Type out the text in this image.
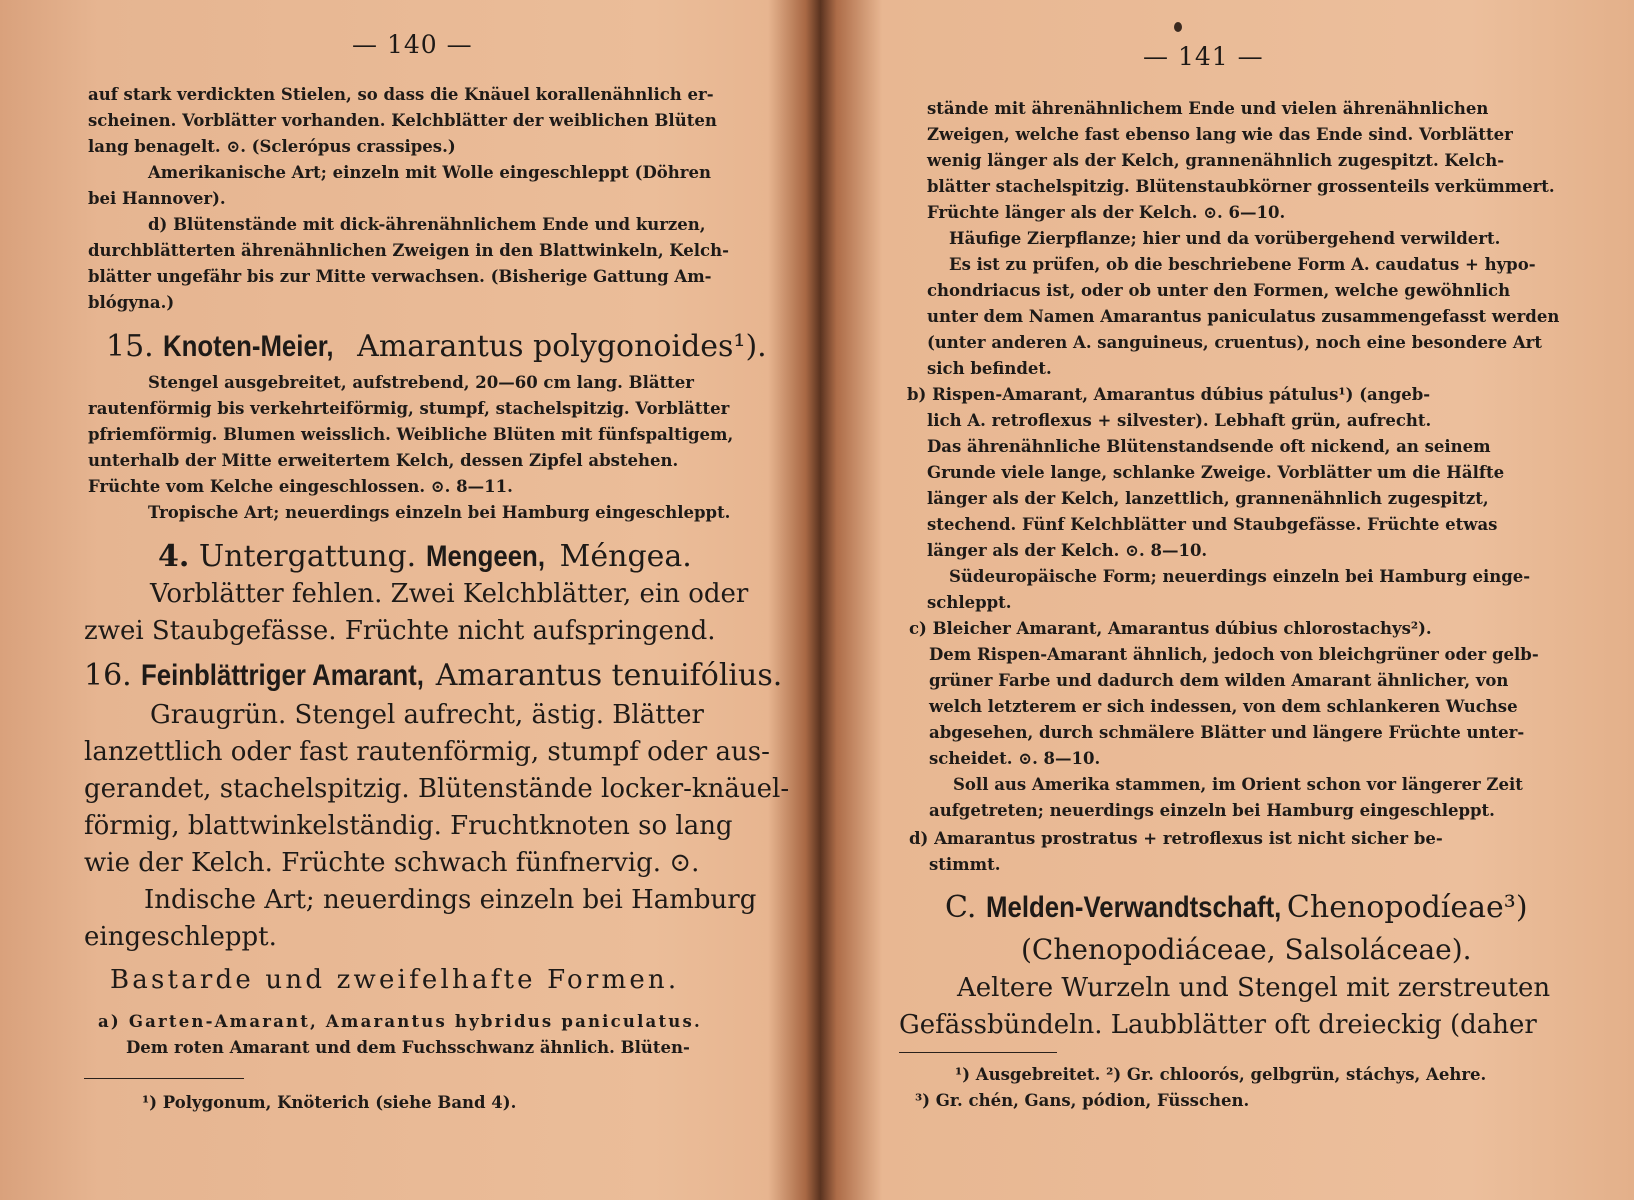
— 140 —
auf stark verdickten Stielen, so dass die Knäuel korallenähnlich er-
scheinen. Vorblätter vorhanden. Kelchblätter der weiblichen Blüten
lang benagelt. ⊙. (Sclerópus crassipes.)
Amerikanische Art; einzeln mit Wolle eingeschleppt (Döhren
bei Hannover).
d) Blütenstände mit dick-ährenähnlichem Ende und kurzen,
durchblätterten ährenähnlichen Zweigen in den Blattwinkeln, Kelch-
blätter ungefähr bis zur Mitte verwachsen. (Bisherige Gattung Am-
blógyna.)
15. Knoten-Meier, Amarantus polygonoides¹).
Stengel ausgebreitet, aufstrebend, 20—60 cm lang. Blätter
rautenförmig bis verkehrteiförmig, stumpf, stachelspitzig. Vorblätter
pfriemförmig. Blumen weisslich. Weibliche Blüten mit fünfspaltigem,
unterhalb der Mitte erweitertem Kelch, dessen Zipfel abstehen.
Früchte vom Kelche eingeschlossen. ⊙. 8—11.
Tropische Art; neuerdings einzeln bei Hamburg eingeschleppt.
4. Untergattung. Mengeen, Méngea.
Vorblätter fehlen. Zwei Kelchblätter, ein oder
zwei Staubgefässe. Früchte nicht aufspringend.
16. Feinblättriger Amarant, Amarantus tenuifólius.
Graugrün. Stengel aufrecht, ästig. Blätter
lanzettlich oder fast rautenförmig, stumpf oder aus-
gerandet, stachelspitzig. Blütenstände locker-knäuel-
förmig, blattwinkelständig. Fruchtknoten so lang
wie der Kelch. Früchte schwach fünfnervig. ⊙.
Indische Art; neuerdings einzeln bei Hamburg
eingeschleppt.
Bastarde und zweifelhafte Formen.
a) Garten-Amarant, Amarantus hybridus paniculatus.
Dem roten Amarant und dem Fuchsschwanz ähnlich. Blüten-
¹) Polygonum, Knöterich (siehe Band 4).
— 141 —
stände mit ährenähnlichem Ende und vielen ährenähnlichen
Zweigen, welche fast ebenso lang wie das Ende sind. Vorblätter
wenig länger als der Kelch, grannenähnlich zugespitzt. Kelch-
blätter stachelspitzig. Blütenstaubkörner grossenteils verkümmert.
Früchte länger als der Kelch. ⊙. 6—10.
Häufige Zierpflanze; hier und da vorübergehend verwildert.
Es ist zu prüfen, ob die beschriebene Form A. caudatus + hypo-
chondriacus ist, oder ob unter den Formen, welche gewöhnlich
unter dem Namen Amarantus paniculatus zusammengefasst werden
(unter anderen A. sanguineus, cruentus), noch eine besondere Art
sich befindet.
b) Rispen-Amarant, Amarantus dúbius pátulus¹) (angeb-
lich A. retroflexus + silvester). Lebhaft grün, aufrecht.
Das ährenähnliche Blütenstandsende oft nickend, an seinem
Grunde viele lange, schlanke Zweige. Vorblätter um die Hälfte
länger als der Kelch, lanzettlich, grannenähnlich zugespitzt,
stechend. Fünf Kelchblätter und Staubgefässe. Früchte etwas
länger als der Kelch. ⊙. 8—10.
Südeuropäische Form; neuerdings einzeln bei Hamburg einge-
schleppt.
c) Bleicher Amarant, Amarantus dúbius chlorostachys²).
Dem Rispen-Amarant ähnlich, jedoch von bleichgrüner oder gelb-
grüner Farbe und dadurch dem wilden Amarant ähnlicher, von
welch letzterem er sich indessen, von dem schlankeren Wuchse
abgesehen, durch schmälere Blätter und längere Früchte unter-
scheidet. ⊙. 8—10.
Soll aus Amerika stammen, im Orient schon vor längerer Zeit
aufgetreten; neuerdings einzeln bei Hamburg eingeschleppt.
d) Amarantus prostratus + retroflexus ist nicht sicher be-
stimmt.
C. Melden-Verwandtschaft, Chenopodíeae³)
(Chenopodiáceae, Salsoláceae).
Aeltere Wurzeln und Stengel mit zerstreuten
Gefässbündeln. Laubblätter oft dreieckig (daher
¹) Ausgebreitet. ²) Gr. chloorós, gelbgrün, stáchys, Aehre.
³) Gr. chén, Gans, pódion, Füsschen.
